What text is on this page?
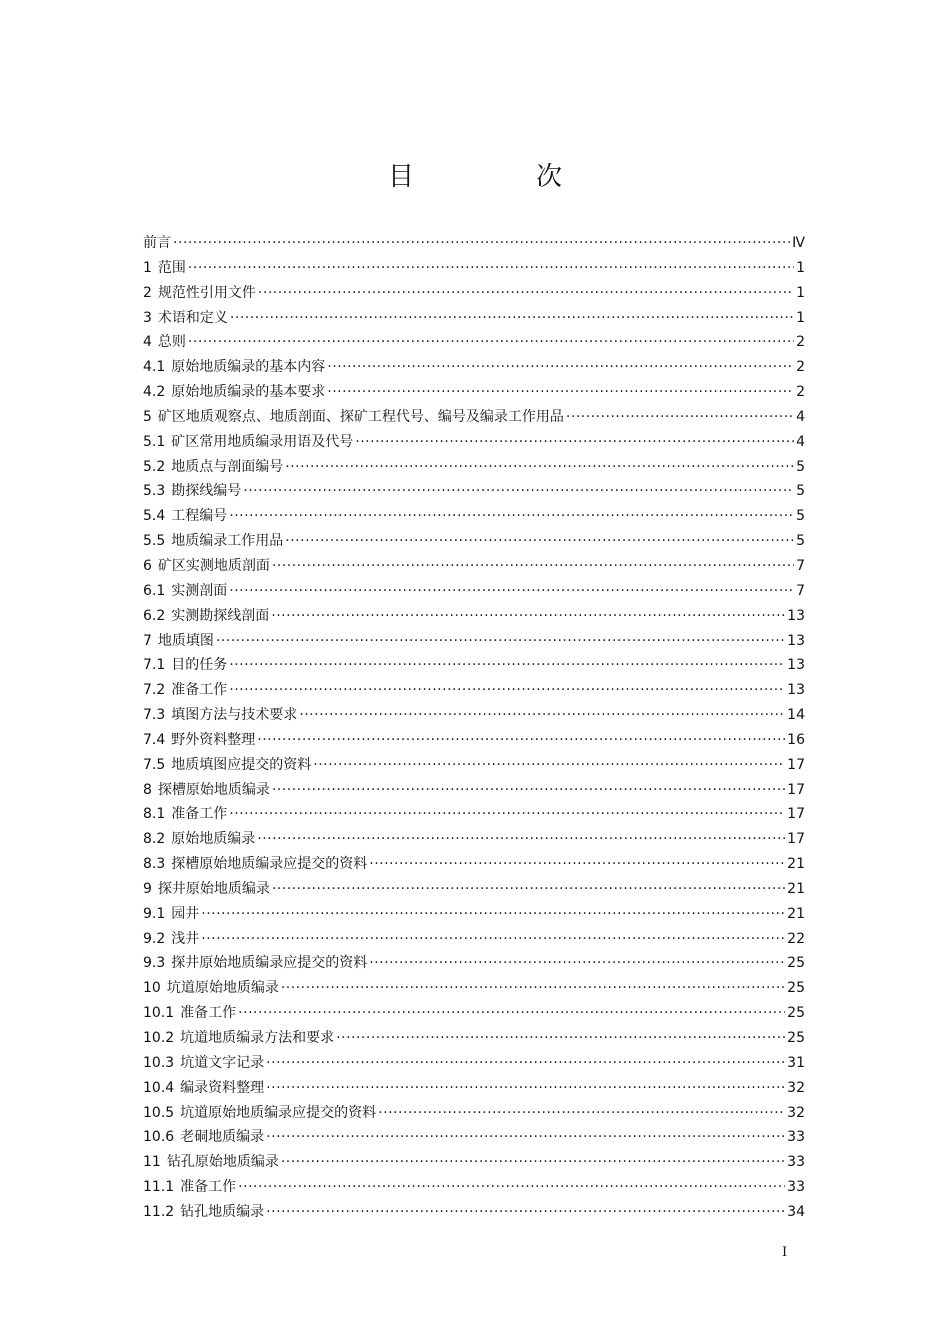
目　次
前言 ·····	Ⅳ
1 范围 ·····	1
2 规范性引用文件 ·····	1
3 术语和定义 ·····	1
4 总则 ·····	2
4.1 原始地质编录的基本内容 ·····	2
4.2 原始地质编录的基本要求 ·····	2
5 矿区地质观察点、地质剖面、探矿工程代号、编号及编录工作用品 ·····	4
5.1 矿区常用地质编录用语及代号 ·····	4
5.2 地质点与剖面编号 ·····	5
5.3 勘探线编号 ·····	5
5.4 工程编号 ·····	5
5.5 地质编录工作用品 ·····	5
6 矿区实测地质剖面 ·····	7
6.1 实测剖面 ·····	7
6.2 实测勘探线剖面 ·····	13
7 地质填图 ·····	13
7.1 目的任务 ·····	13
7.2 准备工作 ·····	13
7.3 填图方法与技术要求 ·····	14
7.4 野外资料整理 ·····	16
7.5 地质填图应提交的资料 ·····	17
8 探槽原始地质编录 ·····	17
8.1 准备工作 ·····	17
8.2 原始地质编录 ·····	17
8.3 探槽原始地质编录应提交的资料 ·····	21
9 探井原始地质编录 ·····	21
9.1 园井 ·····	21
9.2 浅井 ·····	22
9.3 探井原始地质编录应提交的资料 ·····	25
10 坑道原始地质编录 ·····	25
10.1 准备工作 ·····	25
10.2 坑道地质编录方法和要求 ·····	25
10.3 坑道文字记录 ·····	31
10.4 编录资料整理 ·····	32
10.5 坑道原始地质编录应提交的资料 ·····	32
10.6 老硐地质编录 ·····	33
11 钻孔原始地质编录 ·····	33
11.1 准备工作 ·····	33
11.2 钻孔地质编录 ·····	34
I
